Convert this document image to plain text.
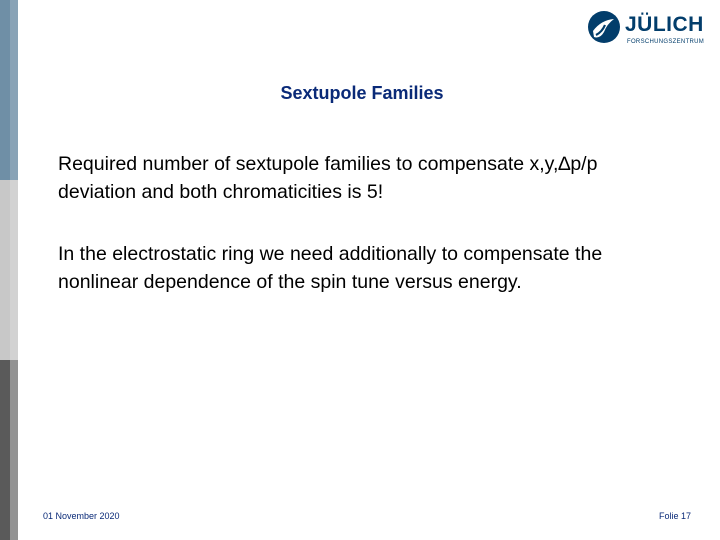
JÜLICH
FORSCHUNGSZENTRUM
Sextupole Families
Required number of sextupole families to compensate x,y,∆p/p deviation and both chromaticities is 5!
In the electrostatic ring we need additionally to compensate the nonlinear dependence of the spin tune versus energy.
01 November 2020	Folie 17
